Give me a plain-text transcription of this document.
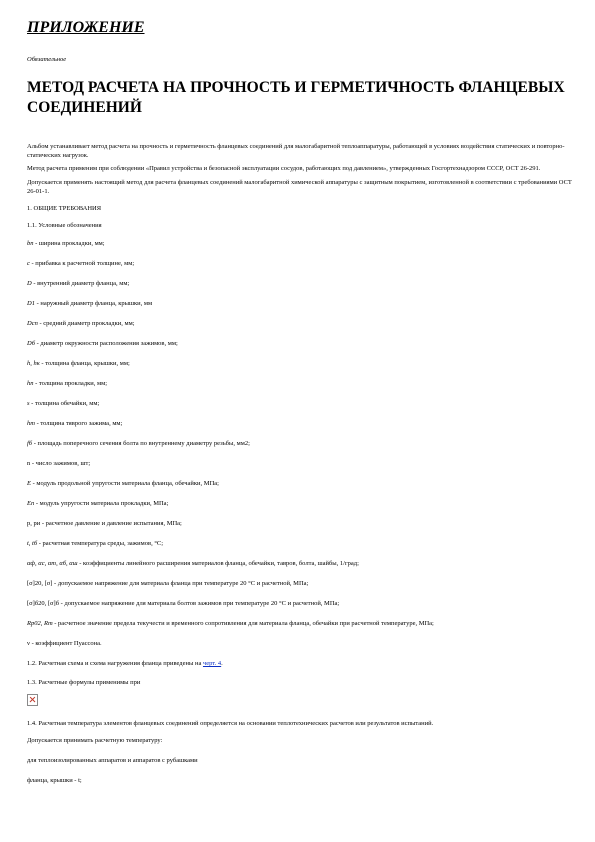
ПРИЛОЖЕНИЕ

Обязательное

МЕТОД РАСЧЕТА НА ПРОЧНОСТЬ И ГЕРМЕТИЧНОСТЬ ФЛАНЦЕВЫХ СОЕДИНЕНИЙ

Альбом устанавливает метод расчета на прочность и герметичность фланцевых соединений для малогабаритной теплоаппаратуры, работающей в условиях воздействия статических и повторно-статических нагрузок.

Метод расчета применим при соблюдении «Правил устройства и безопасной эксплуатации сосудов, работающих под давлением», утвержденных Госгортехнадзором СССР, ОСТ 26-291.

Допускается применять настоящий метод для расчета фланцевых соединений малогабаритной химической аппаратуры с защитным покрытием, изготовленной в соответствии с требованиями ОСТ 26-01-1.

1. ОБЩИЕ ТРЕБОВАНИЯ

1.1. Условные обозначения

bп - ширина прокладки, мм;

c - прибавка к расчетной толщине, мм;

D - внутренний диаметр фланца, мм;

D1 - наружный диаметр фланца, крышки, мм

Dсп - средний диаметр прокладки, мм;

Dб - диаметр окружности расположения зажимов, мм;

h, hк - толщина фланца, крышки, мм;

hп - толщина прокладки, мм;

s - толщина обечайки, мм;

hт - толщина тяврого зажима, мм;

fб - площадь поперечного сечения болта по внутреннему диаметру резьбы, мм2;

n - число зажимов, шт;

E - модуль продольной упругости материала фланца, обечайки, МПа;

Eп - модуль упругости материала прокладки, МПа;

p, pи - расчетное давление и давление испытания, МПа;

t, tб - расчетная температура среды, зажимов, °С;

αф, αс, αт, αб, αш - коэффициенты линейного расширения материалов фланца, обечайки, тавров, болта, шайбы, 1/град;

[σ]20, [σ] - допускаемое напряжение для материала фланца при температуре 20 °С и расчетной, МПа;

[σ]б20, [σ]б - допускаемое напряжение для материала болтов зажимов при температуре 20 °С и расчетной, МПа;

Rр02, Rт - расчетное значение предела текучести и временного сопротивления для материала фланца, обечайки при расчетной температуре, МПа;

ν - коэффициент Пуассона.

1.2. Расчетная схема и схема нагружения фланца приведены на черт. 4.

1.3. Расчетные формулы применимы при

1.4. Расчетная температура элементов фланцевых соединений определяется на основании теплотехнических расчетов или результатов испытаний.

Допускается принимать расчетную температуру:

для теплоизолированных аппаратов и аппаратов с рубашками

фланца, крышки - t;
